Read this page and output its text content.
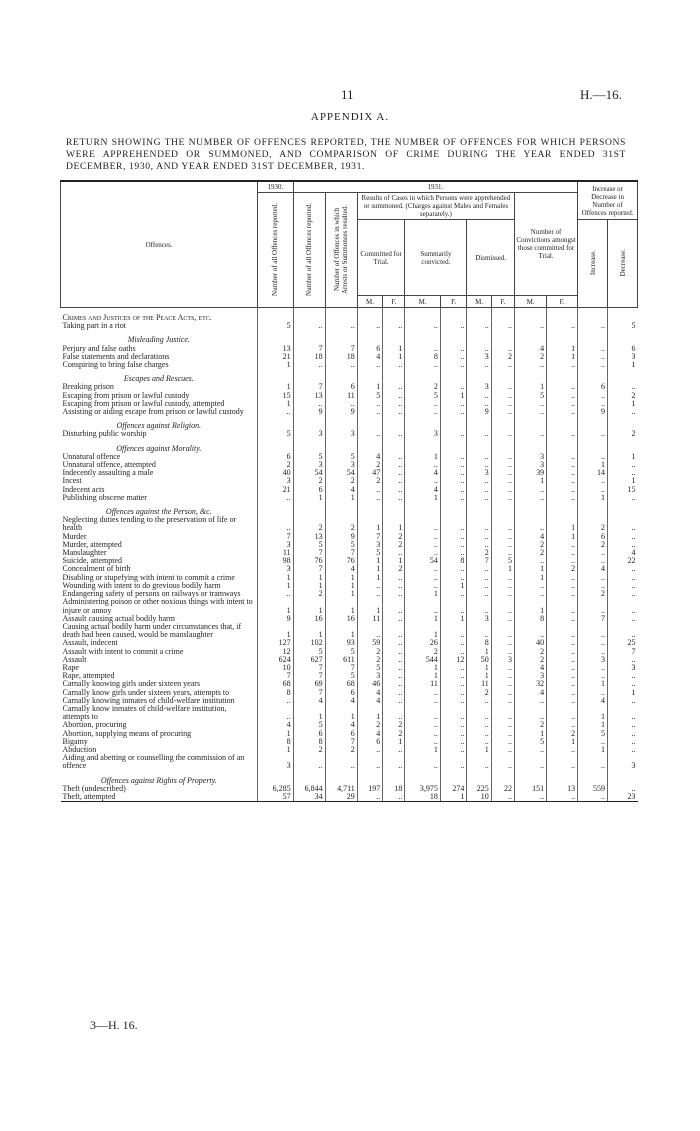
11	H.—16.
APPENDIX A.
RETURN SHOWING THE NUMBER OF OFFENCES REPORTED, THE NUMBER OF OFFENCES FOR WHICH PERSONS WERE APPREHENDED OR SUMMONED, AND COMPARISON OF CRIME DURING THE YEAR ENDED 31ST DECEMBER, 1930, AND YEAR ENDED 31ST DECEMBER, 1931.
Offences.	1930.	1931.										Increase or Decrease in Number of Offences reported.	
	Number of all Offences reported.	Number of all Offences reported.	Number of Offences in which Arrests or Summonses resulted.	Results of Cases in which Persons were apprehended or summoned. (Charges against Males and Females separately.)						Number of Convictions amongst those committed for Trial.			
				Committed for Trial.		Summarily convicted.		Dismissed.				Increase.	Decrease.
				M.	F.	M.	F.	M.	F.	M.	F.		
Crimes and Justices of the Peace Acts, etc.													
Taking part in a riot	5	..	..	..	..	..	..	..	..	..	..	..	5
Misleading Justice.													
Perjury and false oaths	13	7	7	6	1	..	..	..	..	4	1	..	6
False statements and declarations	21	18	18	4	1	8	..	3	2	2	1	..	3
Conspiring to bring false charges	1	..	..	..	..	..	..	..	..	..	..	..	1
Escapes and Rescues.													
Breaking prison	1	7	6	1	..	2	..	3	..	1	..	6	..
Escaping from prison or lawful custody	15	13	11	5	..	5	1	..	..	5	..	..	2
Escaping from prison or lawful custody, attempted	1	..	..	..	..	..	..	..	..	..	..	..	1
Assisting or aiding escape from prison or lawful custody	..	9	9	..	..	..	..	9	..	..	..	9	..
Offences against Religion.													
Disturbing public worship	5	3	3	..	..	3	..	..	..	..	..	..	2
Offences against Morality.													
Unnatural offence	6	5	5	4	..	1	..	..	..	3	..	..	1
Unnatural offence, attempted	2	3	3	2	..	..	..	..	..	3	..	1	..
Indecently assaulting a male	40	54	54	47	..	4	..	3	..	39	..	14	..
Incest	3	2	2	2	..	..	..	..	..	1	..	..	1
Indecent acts	21	6	4	..	..	4	..	..	..	..	..	..	15
Publishing obscene matter	..	1	1	..	..	1	..	..	..	..	..	1	..
Offences against the Person, &c.													
Neglecting duties tending to the preservation of life or health	..	2	2	1	1	..	..	..	..	..	1	2	..
Murder	7	13	9	7	2	..	..	..	..	4	1	6	..
Murder, attempted	3	5	5	3	2	..	..	..	..	2	..	2	..
Manslaughter	11	7	7	5	..	..	..	2	..	2	..	..	4
Suicide, attempted	98	76	76	1	1	54	8	7	5	..	..	..	22
Concealment of birth	3	7	4	1	2	..	..	..	1	1	2	4	..
Disabling or stupefying with intent to commit a crime	1	1	1	1	..	..	..	..	..	1	..	..	..
Wounding with intent to do grevious bodily harm	1	1	1	..	..	..	1	..	..	..	..	..	..
Endangering safety of persons on railways or tramways	..	2	1	..	..	1	..	..	..	..	..	2	..
Administering poison or other noxious things with intent to injure or annoy	1	1	1	1	..	..	..	..	..	1	..	..	..
Assault causing actual bodily harm	9	16	16	11	..	1	1	3	..	8	..	7	..
Causing actual bodily harm under circumstances that, if death had been caused, would be manslaughter	1	1	1	..	..	1	..	..	..	..	..	..	..
Assault, indecent	127	102	93	59	..	26	..	8	..	40	..	..	25
Assault with intent to commit a crime	12	5	5	2	..	2	..	1	..	2	..	..	7
Assault	624	627	611	2	..	544	12	50	3	2	..	3	..
Rape	10	7	7	5	..	1	..	1	..	4	..	..	3
Rape, attempted	7	7	5	3	..	1	..	1	..	3	..	..	..
Carnally knowing girls under sixteen years	68	69	68	46	..	11	..	11	..	32	..	1	..
Carnally know girls under sixteen years, attempts to	8	7	6	4	..	..	..	2	..	4	..	..	1
Carnally knowing inmates of child-welfare institution	..	4	4	4	..	..	..	..	..	..	..	4	..
Carnally know inmates of child-welfare institution, attempts to	..	1	1	1	..	..	..	..	..	..	..	1	..
Abortion, procuring	4	5	4	2	2	..	..	..	..	2	..	1	..
Abortion, supplying means of procuring	1	6	6	4	2	..	..	..	..	1	2	5	..
Bigamy	8	8	7	6	1	..	..	..	..	5	1	..	..
Abduction	1	2	2	..	..	1	..	1	..	..	..	1	..
Aiding and abetting or counselling the commission of an offence	3	..	..	..	..	..	..	..	..	..	..	..	3
Offences against Rights of Property.													
Theft (undescribed)	6,285	6,844	4,711	197	18	3,975	274	225	22	151	13	559	..
Theft, attempted	57	34	29	..	..	18	1	10	..	..	..	..	23
3—H. 16.
